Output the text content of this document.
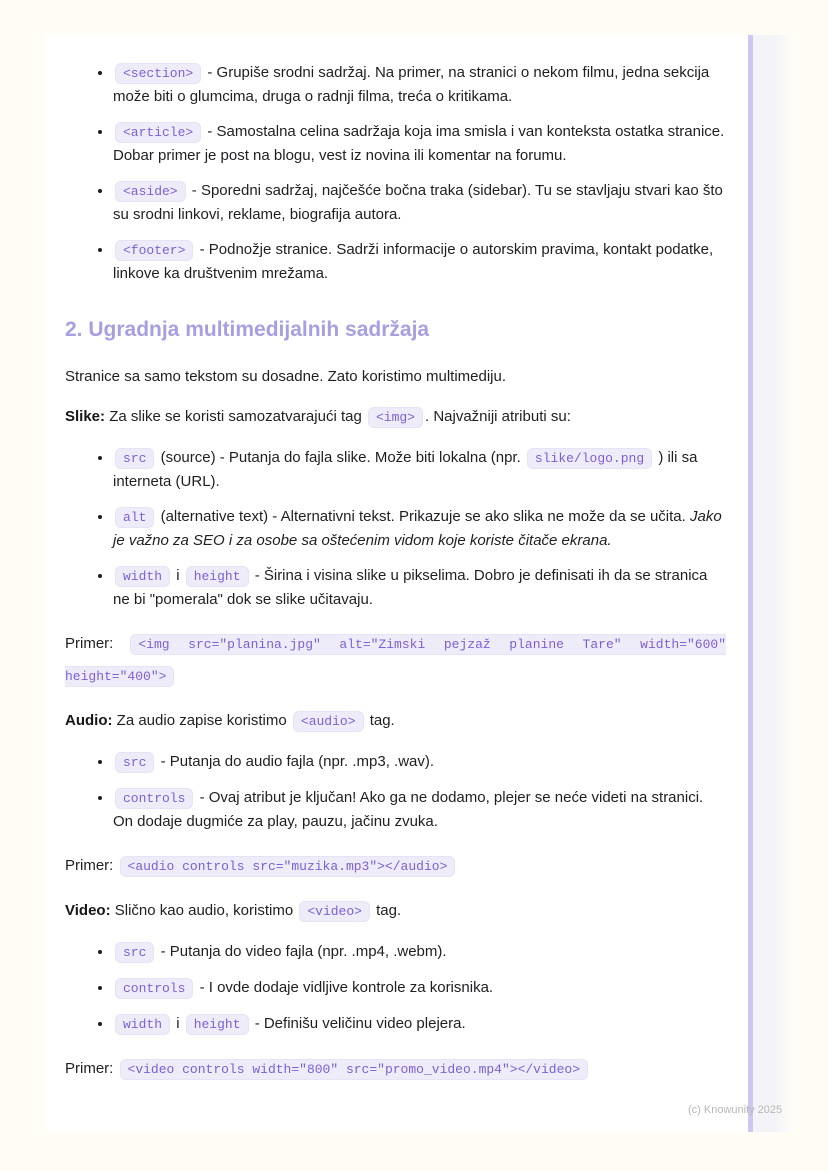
• <section> - Grupiše srodni sadržaj. Na primer, na stranici o nekom filmu, jedna sekcija može biti o glumcima, druga o radnji filma, treća o kritikama.
• <article> - Samostalna celina sadržaja koja ima smisla i van konteksta ostatka stranice. Dobar primer je post na blogu, vest iz novina ili komentar na forumu.
• <aside> - Sporedni sadržaj, najčešće bočna traka (sidebar). Tu se stavljaju stvari kao što su srodni linkovi, reklame, biografija autora.
• <footer> - Podnožje stranice. Sadrži informacije o autorskim pravima, kontakt podatke, linkove ka društvenim mrežama.
2. Ugradnja multimedijalnih sadržaja

Stranice sa samo tekstom su dosadne. Zato koristimo multimediju.

Slike: Za slike se koristi samozatvarajući tag <img> . Najvažniji atributi su:

• src (source) - Putanja do fajla slike. Može biti lokalna (npr. slike/logo.png ) ili sa interneta (URL).
• alt (alternative text) - Alternativni tekst. Prikazuje se ako slika ne može da se učita. Jako je važno za SEO i za osobe sa oštećenim vidom koje koriste čitače ekrana.
• width i height - Širina i visina slike u pikselima. Dobro je definisati ih da se stranica ne bi "pomerala" dok se slike učitavaju.

Primer: <img src="planina.jpg" alt="Zimski pejzaž planine Tare" width="600" height="400">

Audio: Za audio zapise koristimo <audio> tag.

• src - Putanja do audio fajla (npr. .mp3, .wav).
• controls - Ovaj atribut je ključan! Ako ga ne dodamo, plejer se neće videti na stranici. On dodaje dugmiće za play, pauzu, jačinu zvuka.

Primer: <audio controls src="muzika.mp3"></audio>

Video: Slično kao audio, koristimo <video> tag.

• src - Putanja do video fajla (npr. .mp4, .webm).
• controls - I ovde dodaje vidljive kontrole za korisnika.
• width i height - Definišu veličinu video plejera.

Primer: <video controls width="800" src="promo_video.mp4"></video>

(c) Knowunity 2025
